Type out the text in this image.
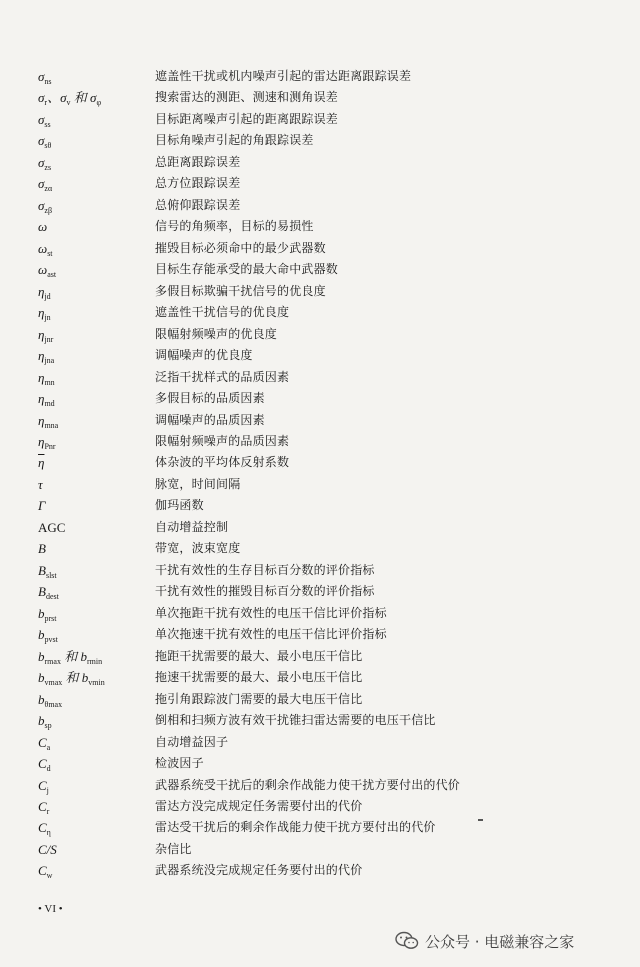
$\sigma_{ns}$	遮盖性干扰或机内噪声引起的雷达距离跟踪误差
$\sigma_r$、$\sigma_v$ 和 $\sigma_\varphi$	搜索雷达的测距、测速和测角误差
$\sigma_{ss}$	目标距离噪声引起的距离跟踪误差
$\sigma_{s\theta}$	目标角噪声引起的角跟踪误差
$\sigma_{zs}$	总距离跟踪误差
$\sigma_{z\alpha}$	总方位跟踪误差
$\sigma_{z\beta}$	总俯仰跟踪误差
ω	信号的角频率，目标的易损性
$\omega_{st}$	摧毁目标必须命中的最少武器数
$\omega_{ast}$	目标生存能承受的最大命中武器数
$\eta_{jd}$	多假目标欺骗干扰信号的优良度
$\eta_{jn}$	遮盖性干扰信号的优良度
$\eta_{jnr}$	限幅射频噪声的优良度
$\eta_{jna}$	调幅噪声的优良度
$\eta_{mn}$	泛指干扰样式的品质因素
$\eta_{md}$	多假目标的品质因素
$\eta_{mna}$	调幅噪声的品质因素
$\eta_{Pnr}$	限幅射频噪声的品质因素
$\overline{\eta}$	体杂波的平均体反射系数
τ	脉宽，时间间隔
Γ	伽玛函数
AGC	自动增益控制
B	带宽，波束宽度
$B_{slst}$	干扰有效性的生存目标百分数的评价指标
$B_{dest}$	干扰有效性的摧毁目标百分数的评价指标
$b_{prst}$	单次拖距干扰有效性的电压干信比评价指标
$b_{pvst}$	单次拖速干扰有效性的电压干信比评价指标
$b_{rmax}$ 和 $b_{rmin}$	拖距干扰需要的最大、最小电压干信比
$b_{vmax}$ 和 $b_{vmin}$	拖速干扰需要的最大、最小电压干信比
$b_{\theta max}$	拖引角跟踪波门需要的最大电压干信比
$b_{sp}$	倒相和扫频方波有效干扰锥扫雷达需要的电压干信比
$C_a$	自动增益因子
$C_d$	检波因子
$C_j$	武器系统受干扰后的剩余作战能力使干扰方要付出的代价
$C_r$	雷达方没完成规定任务需要付出的代价
$C_\eta$	雷达受干扰后的剩余作战能力使干扰方要付出的代价
C/S	杂信比
$C_w$	武器系统没完成规定任务要付出的代价
• VI •
公众号 · 电磁兼容之家
